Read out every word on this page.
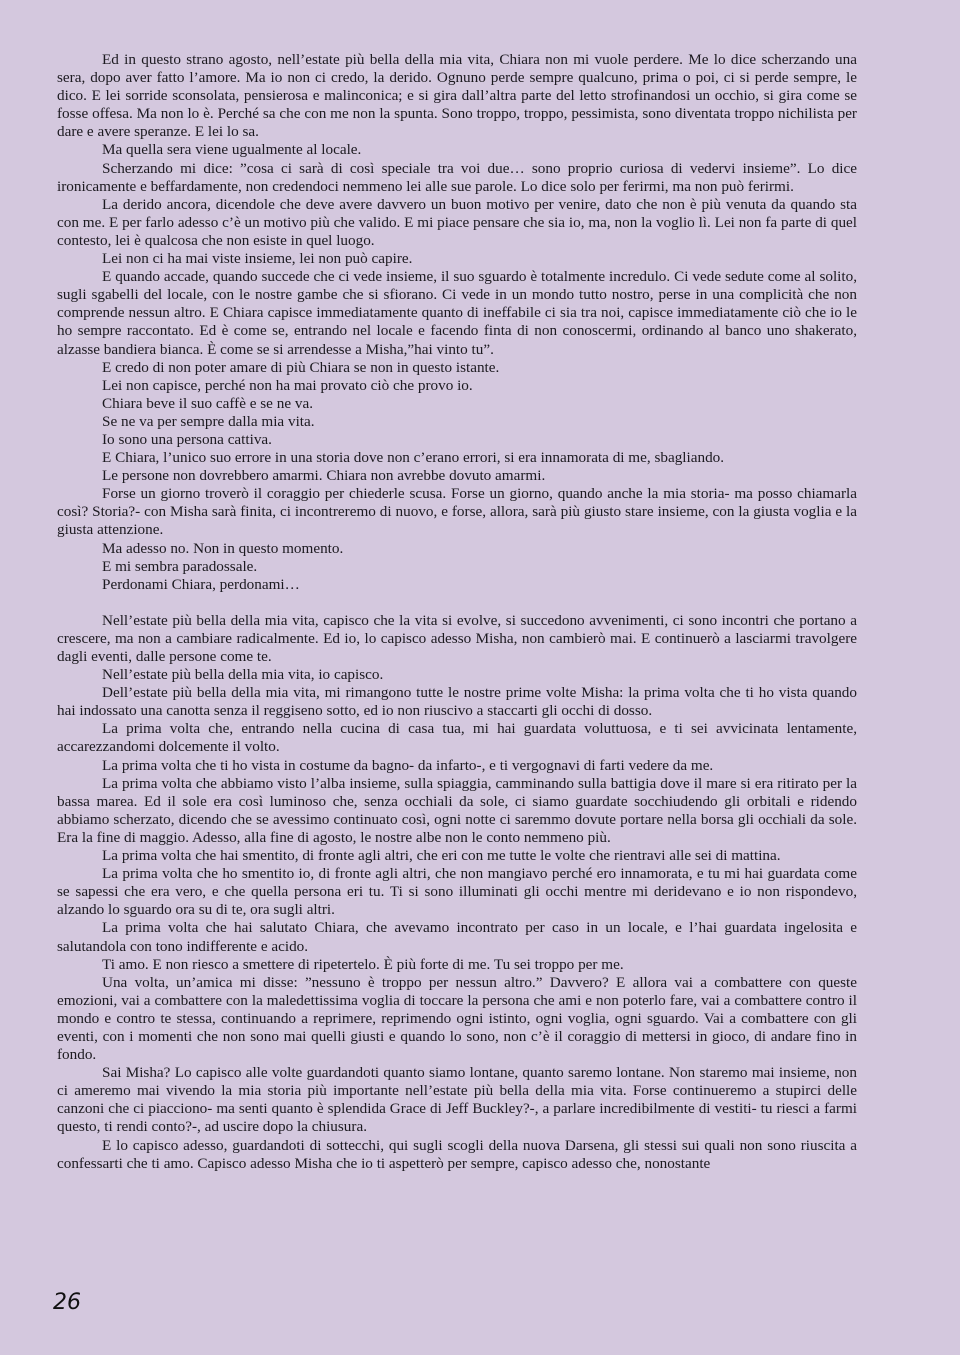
Ed in questo strano agosto, nell’estate più bella della mia vita, Chiara non mi vuole perdere. Me lo dice scherzando una sera, dopo aver fatto l’amore. Ma io non ci credo, la derido. Ognuno perde sempre qualcuno, prima o poi, ci si perde sempre, le dico. E lei sorride sconsolata, pensierosa e malinconica; e si gira dall’altra parte del letto strofinandosi un occhio, si gira come se fosse offesa. Ma non lo è. Perché sa che con me non la spunta. Sono troppo, troppo, pessimista, sono diventata troppo nichilista per dare e avere speranze. E lei lo sa.

Ma quella sera viene ugualmente al locale.

Scherzando mi dice: ”cosa ci sarà di così speciale tra voi due… sono proprio curiosa di vedervi insieme”. Lo dice ironicamente e beffardamente, non credendoci nemmeno lei alle sue parole. Lo dice solo per ferirmi, ma non può ferirmi.

La derido ancora, dicendole che deve avere davvero un buon motivo per venire, dato che non è più venuta da quando sta con me. E per farlo adesso c’è un motivo più che valido. E mi piace pensare che sia io, ma, non la voglio lì. Lei non fa parte di quel contesto, lei è qualcosa che non esiste in quel luogo.

Lei non ci ha mai viste insieme, lei non può capire.

E quando accade, quando succede che ci vede insieme, il suo sguardo è totalmente incredulo. Ci vede sedute come al solito, sugli sgabelli del locale, con le nostre gambe che si sfiorano. Ci vede in un mondo tutto nostro, perse in una complicità che non comprende nessun altro. E Chiara capisce immediatamente quanto di ineffabile ci sia tra noi, capisce immediatamente ciò che io le ho sempre raccontato. Ed è come se, entrando nel locale e facendo finta di non conoscermi, ordinando al banco uno shakerato, alzasse bandiera bianca. È come se si arrendesse a Misha,”hai vinto tu”.

E credo di non poter amare di più Chiara se non in questo istante.

Lei non capisce, perché non ha mai provato ciò che provo io.

Chiara beve il suo caffè e se ne va.

Se ne va per sempre dalla mia vita.

Io sono una persona cattiva.

E Chiara, l’unico suo errore in una storia dove non c’erano errori, si era innamorata di me, sbagliando.

Le persone non dovrebbero amarmi. Chiara non avrebbe dovuto amarmi.

Forse un giorno troverò il coraggio per chiederle scusa. Forse un giorno, quando anche la mia storia- ma posso chiamarla così? Storia?- con Misha sarà finita, ci incontreremo di nuovo, e forse, allora, sarà più giusto stare insieme, con la giusta voglia e la giusta attenzione.

Ma adesso no. Non in questo momento.

E mi sembra paradossale.

Perdonami Chiara, perdonami…

Nell’estate più bella della mia vita, capisco che la vita si evolve, si succedono avvenimenti, ci sono incontri che portano a crescere, ma non a cambiare radicalmente. Ed io, lo capisco adesso Misha, non cambierò mai. E continuerò a lasciarmi travolgere dagli eventi, dalle persone come te.

Nell’estate più bella della mia vita, io capisco.

Dell’estate più bella della mia vita, mi rimangono tutte le nostre prime volte Misha: la prima volta che ti ho vista quando hai indossato una canotta senza il reggiseno sotto, ed io non riuscivo a staccarti gli occhi di dosso.

La prima volta che, entrando nella cucina di casa tua, mi hai guardata voluttuosa, e ti sei avvicinata lentamente, accarezzandomi dolcemente il volto.

La prima volta che ti ho vista in costume da bagno- da infarto-, e ti vergognavi di farti vedere da me.

La prima volta che abbiamo visto l’alba insieme, sulla spiaggia, camminando sulla battigia dove il mare si era ritirato per la bassa marea. Ed il sole era così luminoso che, senza occhiali da sole, ci siamo guardate socchiudendo gli orbitali e ridendo abbiamo scherzato, dicendo che se avessimo continuato così, ogni notte ci saremmo dovute portare nella borsa gli occhiali da sole. Era la fine di maggio. Adesso, alla fine di agosto, le nostre albe non le conto nemmeno più.

La prima volta che hai smentito, di fronte agli altri, che eri con me tutte le volte che rientravi alle sei di mattina.

La prima volta che ho smentito io, di fronte agli altri, che non mangiavo perché ero innamorata, e tu mi hai guardata come se sapessi che era vero, e che quella persona eri tu. Ti si sono illuminati gli occhi mentre mi deridevano e io non rispondevo, alzando lo sguardo ora su di te, ora sugli altri.

La prima volta che hai salutato Chiara, che avevamo incontrato per caso in un locale, e l’hai guardata ingelosita e salutandola con tono indifferente e acido.

Ti amo. E non riesco a smettere di ripetertelo. È più forte di me. Tu sei troppo per me.

Una volta, un’amica mi disse: ”nessuno è troppo per nessun altro.” Davvero? E allora vai a combattere con queste emozioni, vai a combattere con la maledettissima voglia di toccare la persona che ami e non poterlo fare, vai a combattere contro il mondo e contro te stessa, continuando a reprimere, reprimendo ogni istinto, ogni voglia, ogni sguardo. Vai a combattere con gli eventi, con i momenti che non sono mai quelli giusti e quando lo sono, non c’è il coraggio di mettersi in gioco, di andare fino in fondo.

Sai Misha? Lo capisco alle volte guardandoti quanto siamo lontane, quanto saremo lontane. Non staremo mai insieme, non ci ameremo mai vivendo la mia storia più importante nell’estate più bella della mia vita. Forse continueremo a stupirci delle canzoni che ci piacciono- ma senti quanto è splendida Grace di Jeff Buckley?-, a parlare incredibilmente di vestiti- tu riesci a farmi questo, ti rendi conto?-, ad uscire dopo la chiusura.

E lo capisco adesso, guardandoti di sottecchi, qui sugli scogli della nuova Darsena, gli stessi sui quali non sono riuscita a confessarti che ti amo. Capisco adesso Misha che io ti aspetterò per sempre, capisco adesso che, nonostante

26
